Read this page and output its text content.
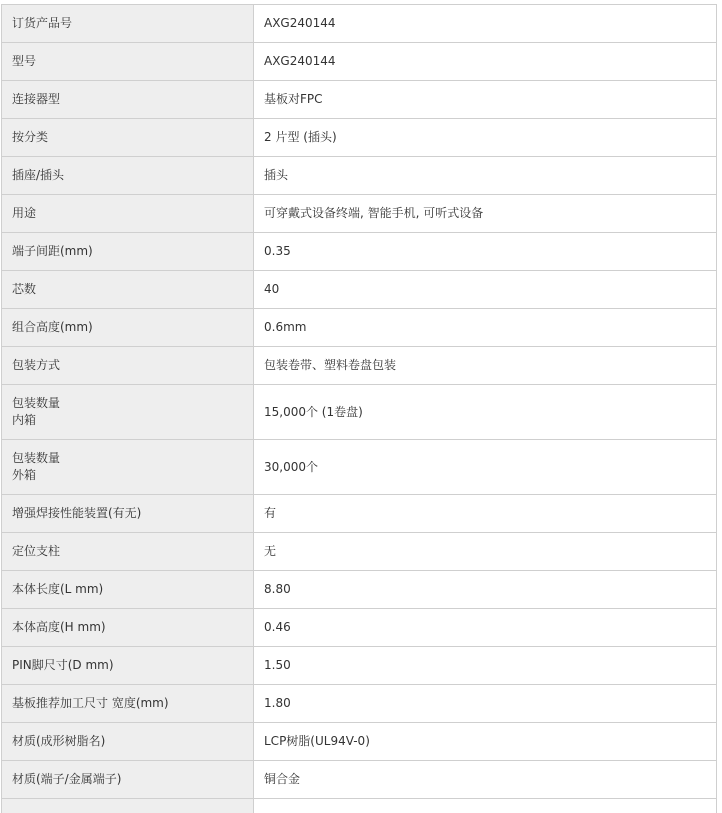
订货产品号	AXG240144
型号	AXG240144
连接器型	基板对FPC
按分类	2 片型 (插头)
插座/插头	插头
用途	可穿戴式设备终端, 智能手机, 可听式设备
端子间距(mm)	0.35
芯数	40
组合高度(mm)	0.6mm
包装方式	包装卷带、塑料卷盘包装

包装数量
内箱	15,000个 (1卷盘)

包装数量
外箱	30,000个
增强焊接性能装置(有无)	有
定位支柱	无
本体长度(L mm)	8.80
本体高度(H mm)	0.46
PIN脚尺寸(D mm)	1.50
基板推荐加工尺寸 宽度(mm)	1.80
材质(成形树脂名)	LCP树脂(UL94V-0)
材质(端子/金属端子)	铜合金
